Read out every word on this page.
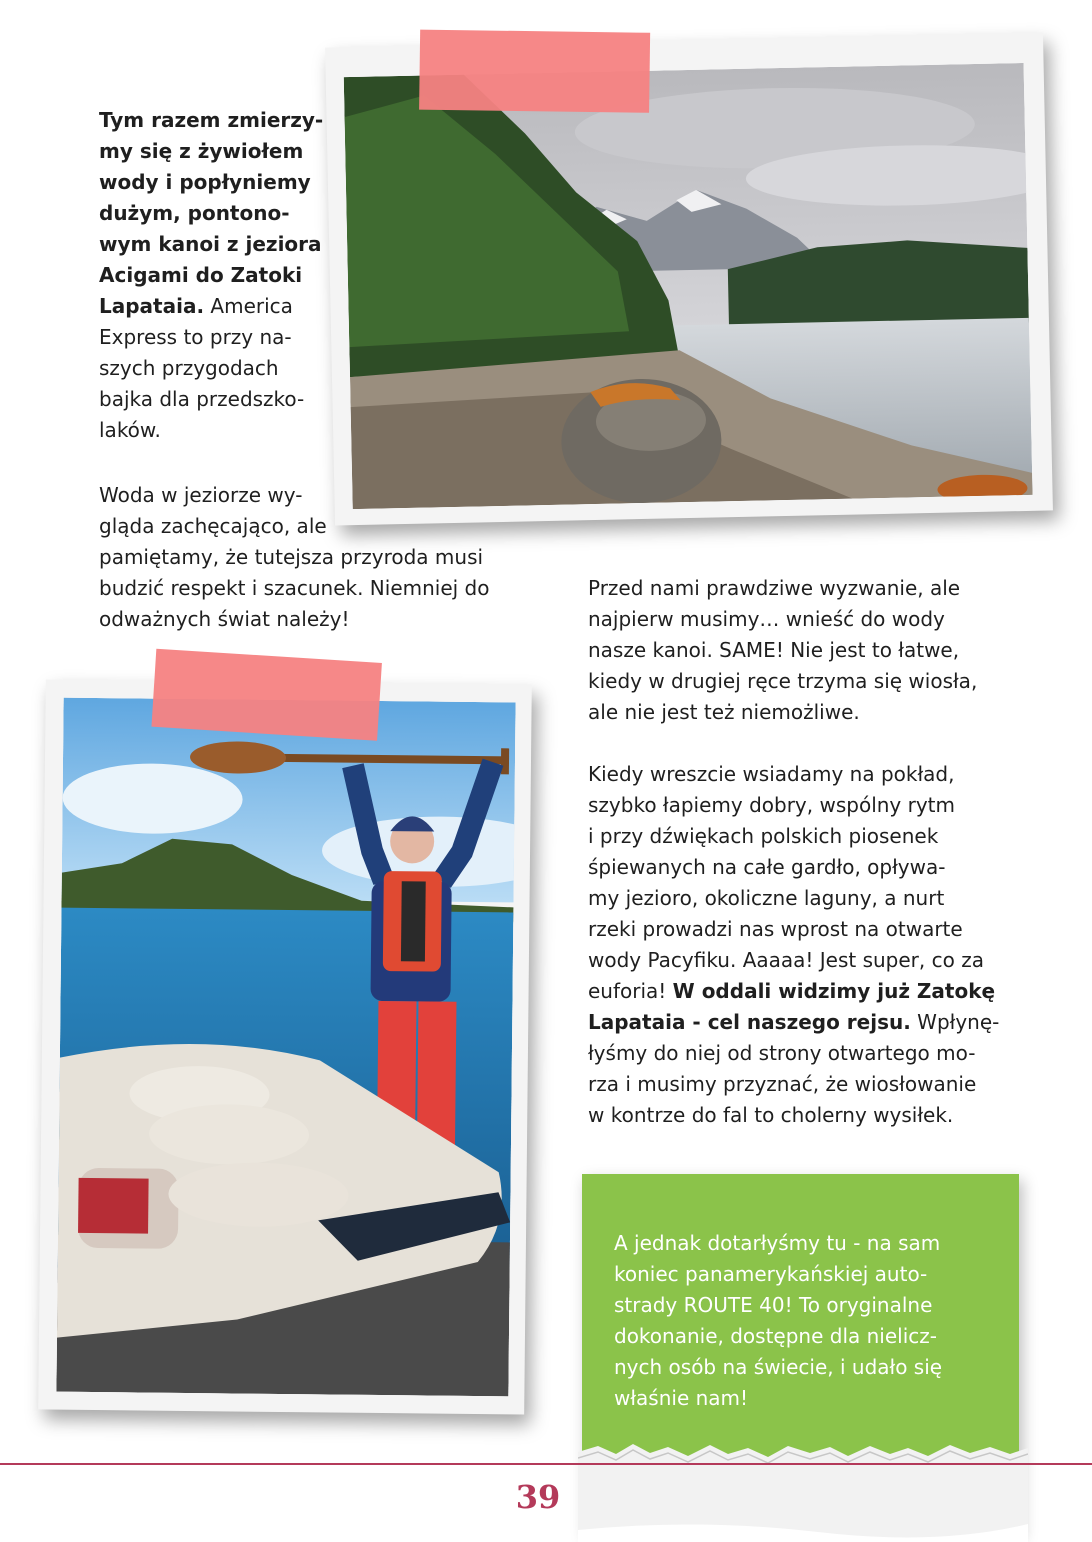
Tym razem zmierzy-
my się z żywiołem
wody i popłyniemy
dużym, pontono-
wym kanoi z jeziora
Acigami do Zatoki
Lapataia. America
Express to przy na-
szych przygodach
bajka dla przedszko-
laków.
Woda w jeziorze wy-
gląda zachęcająco, ale
pamiętamy, że tutejsza przyroda musi
budzić respekt i szacunek. Niemniej do
odważnych świat należy!
Przed nami prawdziwe wyzwanie, ale
najpierw musimy… wnieść do wody
nasze kanoi. SAME! Nie jest to łatwe,
kiedy w drugiej ręce trzyma się wiosła,
ale nie jest też niemożliwe.
Kiedy wreszcie wsiadamy na pokład,
szybko łapiemy dobry, wspólny rytm
i przy dźwiękach polskich piosenek
śpiewanych na całe gardło, opływa-
my jezioro, okoliczne laguny, a nurt
rzeki prowadzi nas wprost na otwarte
wody Pacyfiku. Aaaaa! Jest super, co za
euforia! W oddali widzimy już Zatokę
Lapataia - cel naszego rejsu. Wpłynę-
łyśmy do niej od strony otwartego mo-
rza i musimy przyznać, że wiosłowanie
w kontrze do fal to cholerny wysiłek.
A jednak dotarłyśmy tu - na sam
koniec panamerykańskiej auto-
strady ROUTE 40! To oryginalne
dokonanie, dostępne dla nielicz-
nych osób na świecie, i udało się
właśnie nam!
39
